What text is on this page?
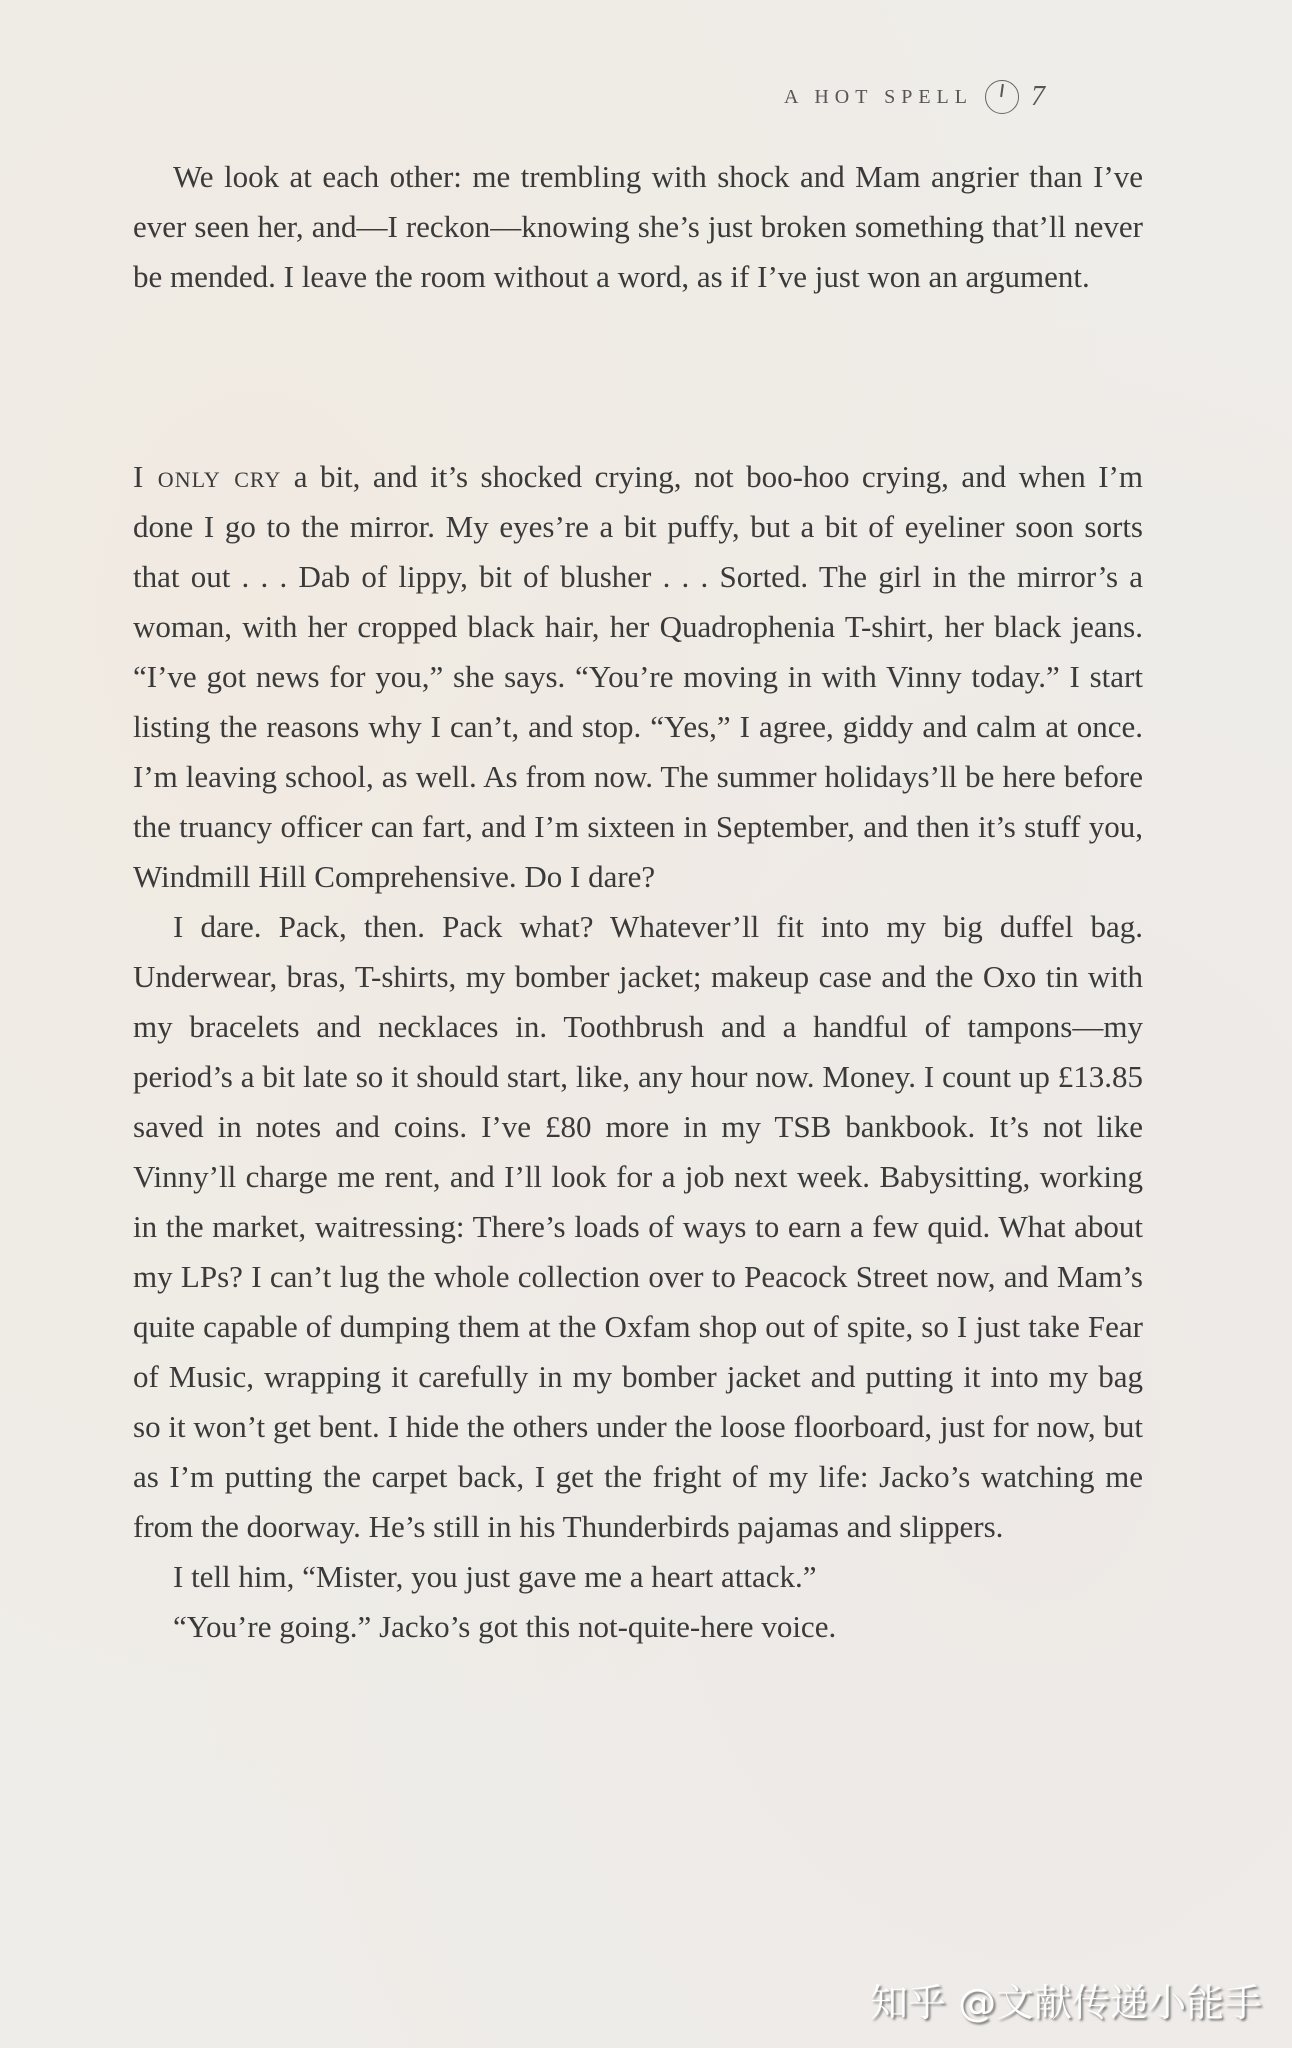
A HOT SPELL 7

We look at each other: me trembling with shock and Mam angrier than I’ve ever seen her, and—I reckon—knowing she’s just broken something that’ll never be mended. I leave the room without a word, as if I’ve just won an argument.

I only cry a bit, and it’s shocked crying, not boo-hoo crying, and when I’m done I go to the mirror. My eyes’re a bit puffy, but a bit of eyeliner soon sorts that out . . . Dab of lippy, bit of blusher . . . Sorted. The girl in the mirror’s a woman, with her cropped black hair, her Quadrophenia T-shirt, her black jeans. “I’ve got news for you,” she says. “You’re moving in with Vinny today.” I start listing the reasons why I can’t, and stop. “Yes,” I agree, giddy and calm at once. I’m leaving school, as well. As from now. The summer holidays’ll be here before the truancy officer can fart, and I’m sixteen in September, and then it’s stuff you, Windmill Hill Comprehensive. Do I dare?

I dare. Pack, then. Pack what? Whatever’ll fit into my big duffel bag. Underwear, bras, T-shirts, my bomber jacket; makeup case and the Oxo tin with my bracelets and necklaces in. Toothbrush and a handful of tampons—my period’s a bit late so it should start, like, any hour now. Money. I count up £13.85 saved in notes and coins. I’ve £80 more in my TSB bankbook. It’s not like Vinny’ll charge me rent, and I’ll look for a job next week. Babysitting, working in the market, waitressing: There’s loads of ways to earn a few quid. What about my LPs? I can’t lug the whole collection over to Peacock Street now, and Mam’s quite capable of dumping them at the Oxfam shop out of spite, so I just take Fear of Music, wrapping it carefully in my bomber jacket and putting it into my bag so it won’t get bent. I hide the others under the loose floorboard, just for now, but as I’m putting the carpet back, I get the fright of my life: Jacko’s watching me from the doorway. He’s still in his Thunderbirds pajamas and slippers.

I tell him, “Mister, you just gave me a heart attack.”

“You’re going.” Jacko’s got this not-quite-here voice.

知乎 @文献传递小能手
